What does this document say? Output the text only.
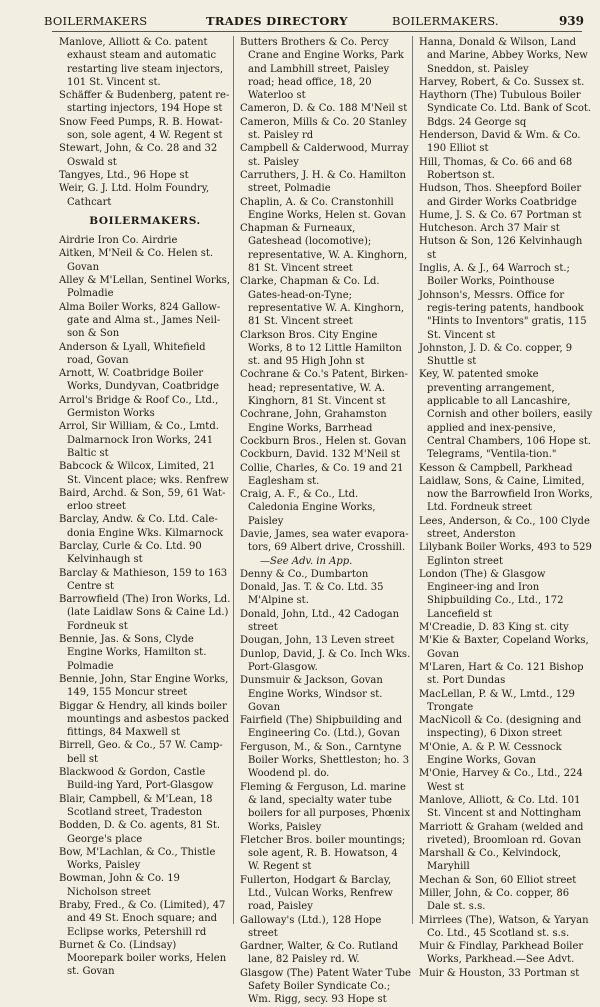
BOILERMAKERS	TRADES DIRECTORY	BOILERMAKERS.	939

Manlove, Alliott & Co. patent exhaust steam and automatic restarting live steam injectors, 101 St. Vincent st.

Schäffer & Budenberg, patent re-starting injectors, 194 Hope st

Snow Feed Pumps, R. B. Howat-son, sole agent, 4 W. Regent st

Stewart, John, & Co. 28 and 32 Oswald st

Tangyes, Ltd., 96 Hope st

Weir, G. J. Ltd. Holm Foundry, Cathcart

BOILERMAKERS.

Airdrie Iron Co. Airdrie

Aitken, M'Neil & Co. Helen st. Govan

Alley & M'Lellan, Sentinel Works, Polmadie

Alma Boiler Works, 824 Gallow-gate and Alma st., James Neil-son & Son

Anderson & Lyall, Whitefield road, Govan

Arnott, W. Coatbridge Boiler Works, Dundyvan, Coatbridge

Arrol's Bridge & Roof Co., Ltd., Germiston Works

Arrol, Sir William, & Co., Lmtd. Dalmarnock Iron Works, 241 Baltic st

Babcock & Wilcox, Limited, 21 St. Vincent place; wks. Renfrew

Baird, Archd. & Son, 59, 61 Wat-erloo street

Barclay, Andw. & Co. Ltd. Cale-donia Engine Wks. Kilmarnock

Barclay, Curle & Co. Ltd. 90 Kelvinhaugh st

Barclay & Mathieson, 159 to 163 Centre st

Barrowfield (The) Iron Works, Ld. (late Laidlaw Sons & Caine Ld.) Fordneuk st

Bennie, Jas. & Sons, Clyde Engine Works, Hamilton st. Polmadie

Bennie, John, Star Engine Works, 149, 155 Moncur street

Biggar & Hendry, all kinds boiler mountings and asbestos packed fittings, 84 Maxwell st

Birrell, Geo. & Co., 57 W. Camp-bell st

Blackwood & Gordon, Castle Build-ing Yard, Port-Glasgow

Blair, Campbell, & M'Lean, 18 Scotland street, Tradeston

Bodden, D. & Co. agents, 81 St. George's place

Bow, M'Lachlan, & Co., Thistle Works, Paisley

Bowman, John & Co. 19 Nicholson street

Braby, Fred., & Co. (Limited), 47 and 49 St. Enoch square; and Eclipse works, Petershill rd

Burnet & Co. (Lindsay) Moorepark boiler works, Helen st. Govan

Butters Brothers & Co. Percy Crane and Engine Works, Park and Lambhill street, Paisley road; head office, 18, 20 Waterloo st

Cameron, D. & Co. 188 M'Neil st

Cameron, Mills & Co. 20 Stanley st. Paisley rd

Campbell & Calderwood, Murray st. Paisley

Carruthers, J. H. & Co. Hamilton street, Polmadie

Chaplin, A. & Co. Cranstonhill Engine Works, Helen st. Govan

Chapman & Furneaux, Gateshead (locomotive); representative, W. A. Kinghorn, 81 St. Vincent street

Clarke, Chapman & Co. Ld. Gates-head-on-Tyne; representative W. A. Kinghorn, 81 St. Vincent street

Clarkson Bros. City Engine Works, 8 to 12 Little Hamilton st. and 95 High John st

Cochrane & Co.'s Patent, Birken-head; representative, W. A. Kinghorn, 81 St. Vincent st

Cochrane, John, Grahamston Engine Works, Barrhead

Cockburn Bros., Helen st. Govan

Cockburn, David. 132 M'Neil st

Collie, Charles, & Co. 19 and 21 Eaglesham st.

Craig, A. F., & Co., Ltd. Caledonia Engine Works, Paisley

Davie, James, sea water evapora-tors, 69 Albert drive, Crosshill.

—See Adv. in App.

Denny & Co., Dumbarton

Donald, Jas. T. & Co. Ltd. 35 M'Alpine st.

Donald, John, Ltd., 42 Cadogan street

Dougan, John, 13 Leven street

Dunlop, David, J. & Co. Inch Wks. Port-Glasgow.

Dunsmuir & Jackson, Govan Engine Works, Windsor st. Govan

Fairfield (The) Shipbuilding and Engineering Co. (Ltd.), Govan

Ferguson, M., & Son., Carntyne Boiler Works, Shettleston; ho. 3 Woodend pl. do.

Fleming & Ferguson, Ld. marine & land, specialty water tube boilers for all purposes, Phœnix Works, Paisley

Fletcher Bros. boiler mountings; sole agent, R. B. Howatson, 4 W. Regent st

Fullerton, Hodgart & Barclay, Ltd., Vulcan Works, Renfrew road, Paisley

Galloway's (Ltd.), 128 Hope street

Gardner, Walter, & Co. Rutland lane, 82 Paisley rd. W.

Glasgow (The) Patent Water Tube Safety Boiler Syndicate Co.; Wm. Rigg, secy. 93 Hope st

Hanna, Donald & Wilson, Land and Marine, Abbey Works, New Sneddon, st. Paisley

Harvey, Robert, & Co. Sussex st.

Haythorn (The) Tubulous Boiler Syndicate Co. Ltd. Bank of Scot. Bdgs. 24 George sq

Henderson, David & Wm. & Co. 190 Elliot st

Hill, Thomas, & Co. 66 and 68 Robertson st.

Hudson, Thos. Sheepford Boiler and Girder Works Coatbridge

Hume, J. S. & Co. 67 Portman st

Hutcheson. Arch 37 Mair st

Hutson & Son, 126 Kelvinhaugh st

Inglis, A. & J., 64 Warroch st.; Boiler Works, Pointhouse

Johnson's, Messrs. Office for regis-tering patents, handbook "Hints to Inventors" gratis, 115 St. Vincent st

Johnston, J. D. & Co. copper, 9 Shuttle st

Key, W. patented smoke preventing arrangement, applicable to all Lancashire, Cornish and other boilers, easily applied and inex-pensive, Central Chambers, 106 Hope st. Telegrams, "Ventila-tion."

Kesson & Campbell, Parkhead

Laidlaw, Sons, & Caine, Limited, now the Barrowfield Iron Works, Ltd. Fordneuk street

Lees, Anderson, & Co., 100 Clyde street, Anderston

Lilybank Boiler Works, 493 to 529 Eglinton street

London (The) & Glasgow Engineer-ing and Iron Shipbuilding Co., Ltd., 172 Lancefield st

M'Creadie, D. 83 King st. city

M'Kie & Baxter, Copeland Works, Govan

M'Laren, Hart & Co. 121 Bishop st. Port Dundas

MacLellan, P. & W., Lmtd., 129 Trongate

MacNicoll & Co. (designing and inspecting), 6 Dixon street

M'Onie, A. & P. W. Cessnock Engine Works, Govan

M'Onie, Harvey & Co., Ltd., 224 West st

Manlove, Alliott, & Co. Ltd. 101 St. Vincent st and Nottingham

Marriott & Graham (welded and riveted), Broomloan rd. Govan

Marshall & Co., Kelvindock, Maryhill

Mechan & Son, 60 Elliot street

Miller, John, & Co. copper, 86 Dale st. s.s.

Mirrlees (The), Watson, & Yaryan Co. Ltd., 45 Scotland st. s.s.

Muir & Findlay, Parkhead Boiler Works, Parkhead.—See Advt.

Muir & Houston, 33 Portman st
